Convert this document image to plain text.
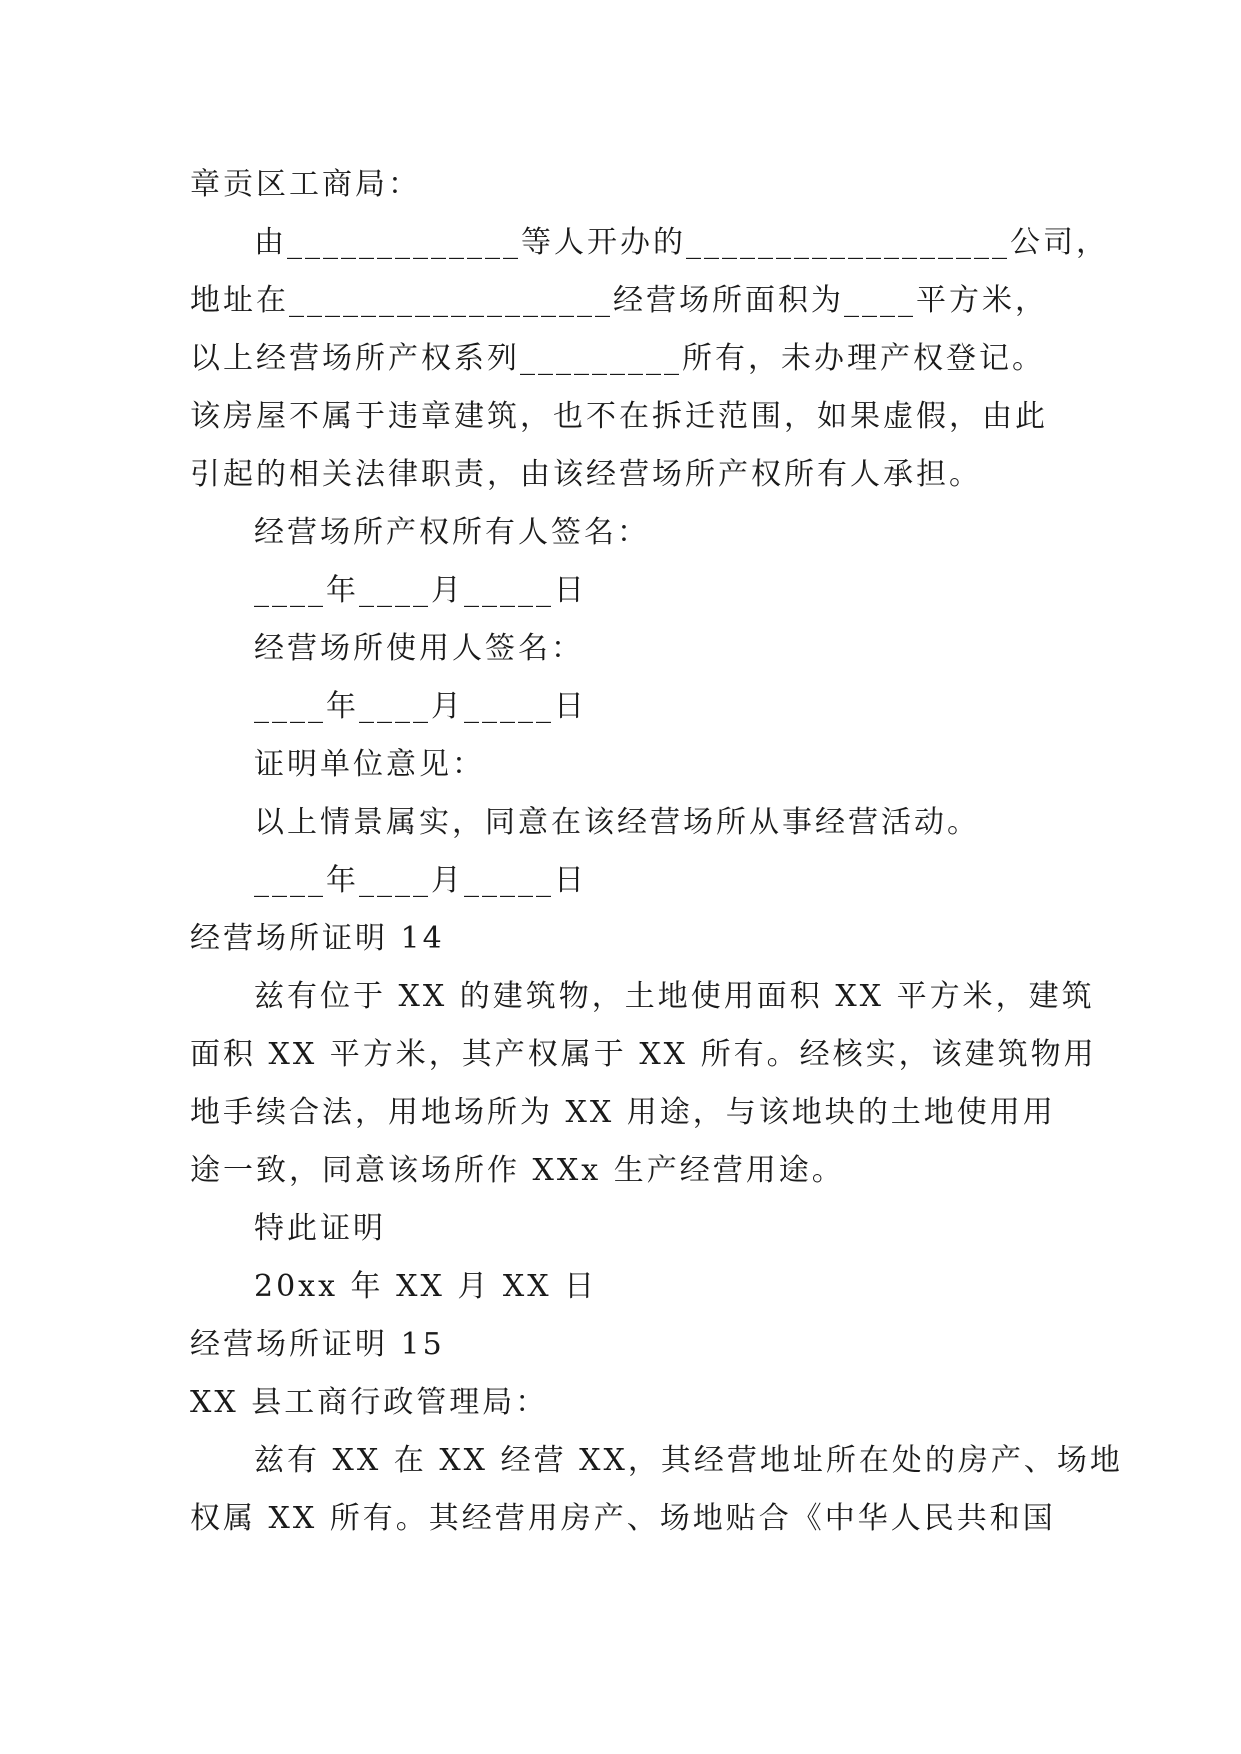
章贡区工商局：
由_____________等人开办的__________________公司，
地址在__________________经营场所面积为____平方米，
以上经营场所产权系列_________所有，未办理产权登记。
该房屋不属于违章建筑，也不在拆迁范围，如果虚假，由此
引起的相关法律职责，由该经营场所产权所有人承担。
经营场所产权所有人签名：
____年____月_____日
经营场所使用人签名：
____年____月_____日
证明单位意见：
以上情景属实，同意在该经营场所从事经营活动。
____年____月_____日
经营场所证明 14
兹有位于 XX 的建筑物，土地使用面积 XX 平方米，建筑
面积 XX 平方米，其产权属于 XX 所有。经核实，该建筑物用
地手续合法，用地场所为 XX 用途，与该地块的土地使用用
途一致，同意该场所作 XXx 生产经营用途。
特此证明
20xx 年 XX 月 XX 日
经营场所证明 15
XX 县工商行政管理局：
兹有 XX 在 XX 经营 XX，其经营地址所在处的房产、场地
权属 XX 所有。其经营用房产、场地贴合《中华人民共和国
